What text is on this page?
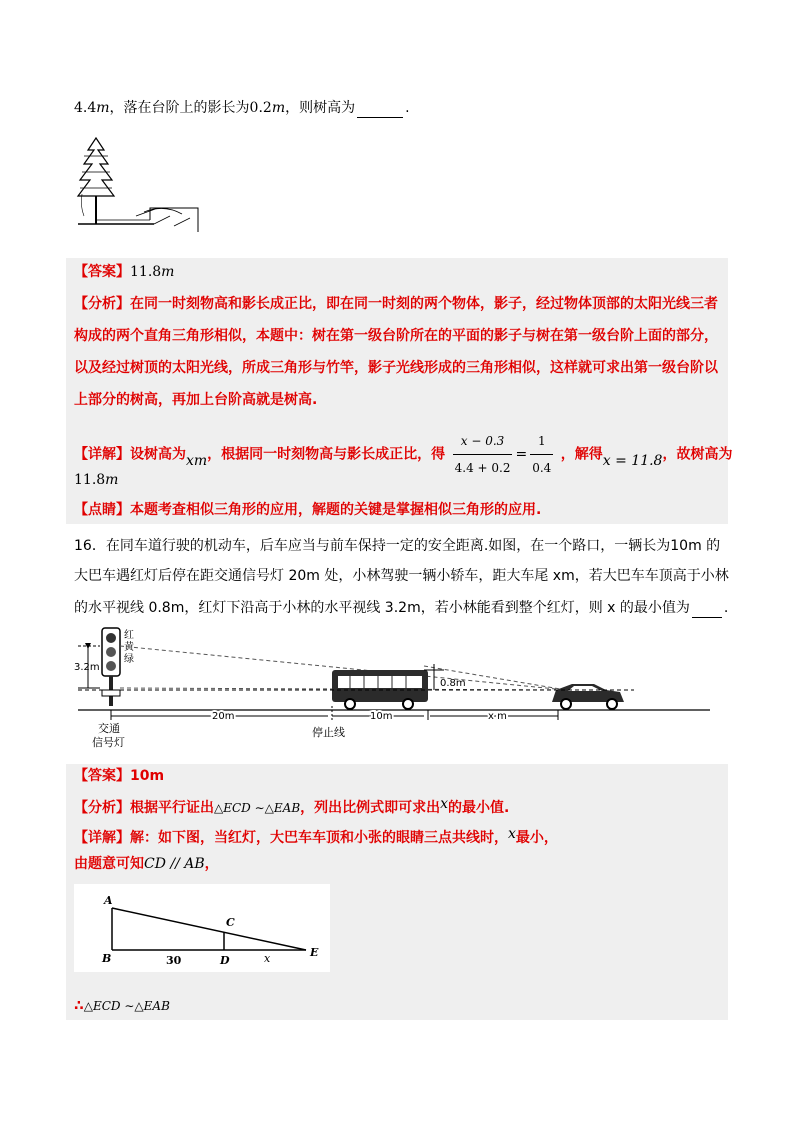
4.4m，落在台阶上的影长为0.2m，则树高为	.
【答案】11.8m
【分析】在同一时刻物高和影长成正比，即在同一时刻的两个物体，影子，经过物体顶部的太阳光线三者
构成的两个直角三角形相似，本题中：树在第一级台阶所在的平面的影子与树在第一级台阶上面的部分，
以及经过树顶的太阳光线，所成三角形与竹竿，影子光线形成的三角形相似，这样就可求出第一级台阶以
上部分的树高，再加上台阶高就是树高.
【详解】设树高为xm，根据同一时刻物高与影长成正比，得 $\frac{x - 0.3}{4.4 + 0.2} = \frac{1}{0.4}$ ，解得x = 11.8，故树高为
11.8m
【点睛】本题考查相似三角形的应用，解题的关键是掌握相似三角形的应用.
16．在同车道行驶的机动车，后车应当与前车保持一定的安全距离.如图，在一个路口，一辆长为10m 的
大巴车遇红灯后停在距交通信号灯 20m 处，小林驾驶一辆小轿车，距大车尾 xm，若大巴车车顶高于小林
的水平视线 0.8m，红灯下沿高于小林的水平视线 3.2m，若小林能看到整个红灯，则 x 的最小值为 .
红
黄
绿
3.2m
0.8m
20m	10m	x m
交通
信号灯
停止线
【答案】10m
【分析】根据平行证出△ECD ∼△EAB，列出比例式即可求出x的最小值.
【详解】解：如下图，当红灯，大巴车车顶和小张的眼睛三点共线时，x最小，
由题意可知CD // AB，
A
B
C
D
E
30	x
∴△ECD ∼△EAB
